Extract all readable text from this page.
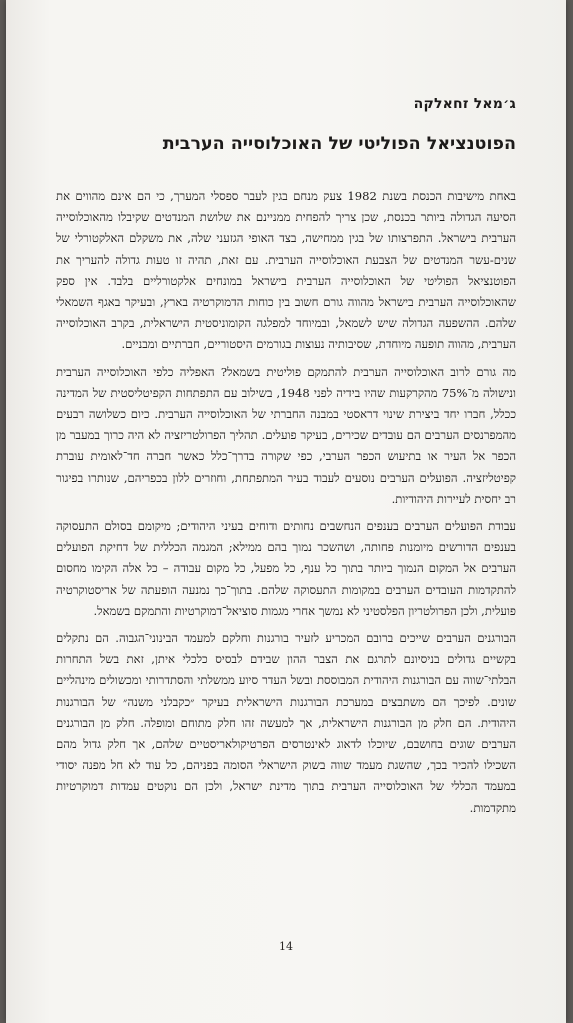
ג׳מאל זחאלקה
הפוטנציאל הפוליטי של האוכלוסייה הערבית

באחת מישיבות הכנסת בשנת 1982 צעק מנחם בגין לעבר ספסלי המערך, כי הם אינם מהווים את הסיעה הגדולה ביותר בכנסת, שכן צריך להפחית ממניינם את שלושת המנדטים שקיבלו מהאוכלוסייה הערבית בישראל. התפרצותו של בגין ממחישה, בצד האופי הגזעני שלה, את משקלם האלקטורלי של שנים-עשר המנדטים של הצבעת האוכלוסייה הערבית. עם זאת, תהיה זו טעות גדולה להעריך את הפוטנציאל הפוליטי של האוכלוסייה הערבית בישראל במונחים אלקטורליים בלבד. אין ספק שהאוכלוסייה הערבית בישראל מהווה גורם חשוב בין כוחות הדמוקרטיה בארץ, ובעיקר באגף השמאלי שלהם. ההשפעה הגדולה שיש לשמאל, ובמיוחד למפלגה הקומוניסטית הישראלית, בקרב האוכלוסייה הערבית, מהווה תופעה מיוחדת, שסיבותיה נעוצות בגורמים היסטוריים, חברתיים ומבניים.

מה גורם לרוב האוכלוסייה הערבית להתמקם פוליטית בשמאל? האפליה כלפי האוכלוסייה הערבית ונישולה מ־75% מהקרקעות שהיו בידיה לפני 1948, בשילוב עם התפתחות הקפיטליסטית של המדינה ככלל, חברו יחד ביצירת שינוי דראסטי במבנה החברתי של האוכלוסייה הערבית. כיום כשלושה רבעים מהמפרנסים הערבים הם עובדים שכירים, בעיקר פועלים. תהליך הפרולטריזציה לא היה כרוך במעבר מן הכפר אל העיר או בתיעוש הכפר הערבי, כפי שקורה בדרך־כלל כאשר חברה חד־לאומית עוברת קפיטליזציה. הפועלים הערבים נוסעים לעבוד בעיר המתפתחת, וחוזרים ללון בכפריהם, שנותרו בפיגור רב יחסית לעיירות היהודיות.

עבודת הפועלים הערבים בענפים הנחשבים נחותים ודוחים בעיני היהודים; מיקומם בסולם התעסוקה בענפים הדורשים מיומנות פחותה, ושהשכר נמוך בהם ממילא; המגמה הכללית של דחיקת הפועלים הערבים אל המקום הנמוך ביותר בתוך כל ענף, כל מפעל, כל מקום עבודה – כל אלה הקימו מחסום להתקדמות העובדים הערבים במקומות התעסוקה שלהם. בתוך־כך נמנעה הופעתה של אריסטוקרטיה פועלית, ולכן הפרולטריון הפלסטיני לא נמשך אחרי מגמות סוציאל־דמוקרטיות והתמקם בשמאל.

הבורגנים הערבים שייכים ברובם המכריע לזעיר בורגנות וחלקם למעמד הבינוני־הגבוה. הם נתקלים בקשיים גדולים בניסיונם לתרגם את הצבר ההון שבידם לבסיס כלכלי איתן, זאת בשל התחרות הבלתי־שווה עם הבורגנות היהודית המבוססת ובשל העדר סיוע ממשלתי והסתדרותי ומכשולים מינהליים שונים. לפיכך הם משתבצים במערכת הבורגנות הישראלית בעיקר ״כקבלני משנה״ של הבורגנות היהודית. הם חלק מן הבורגנות הישראלית, אך למעשה זהו חלק מתוחם ומופלה. חלק מן הבורגנים הערבים שוגים בחושבם, שיוכלו לדאוג לאינטרסים הפרטיקולאריסטיים שלהם, אך חלק גדול מהם השכילו להכיר בכך, שהשגת מעמד שווה בשוק הישראלי הסומה בפניהם, כל עוד לא חל מפנה יסודי במעמד הכללי של האוכלוסייה הערבית בתוך מדינת ישראל, ולכן הם נוקטים עמדות דמוקרטיות מתקדמות.

14
